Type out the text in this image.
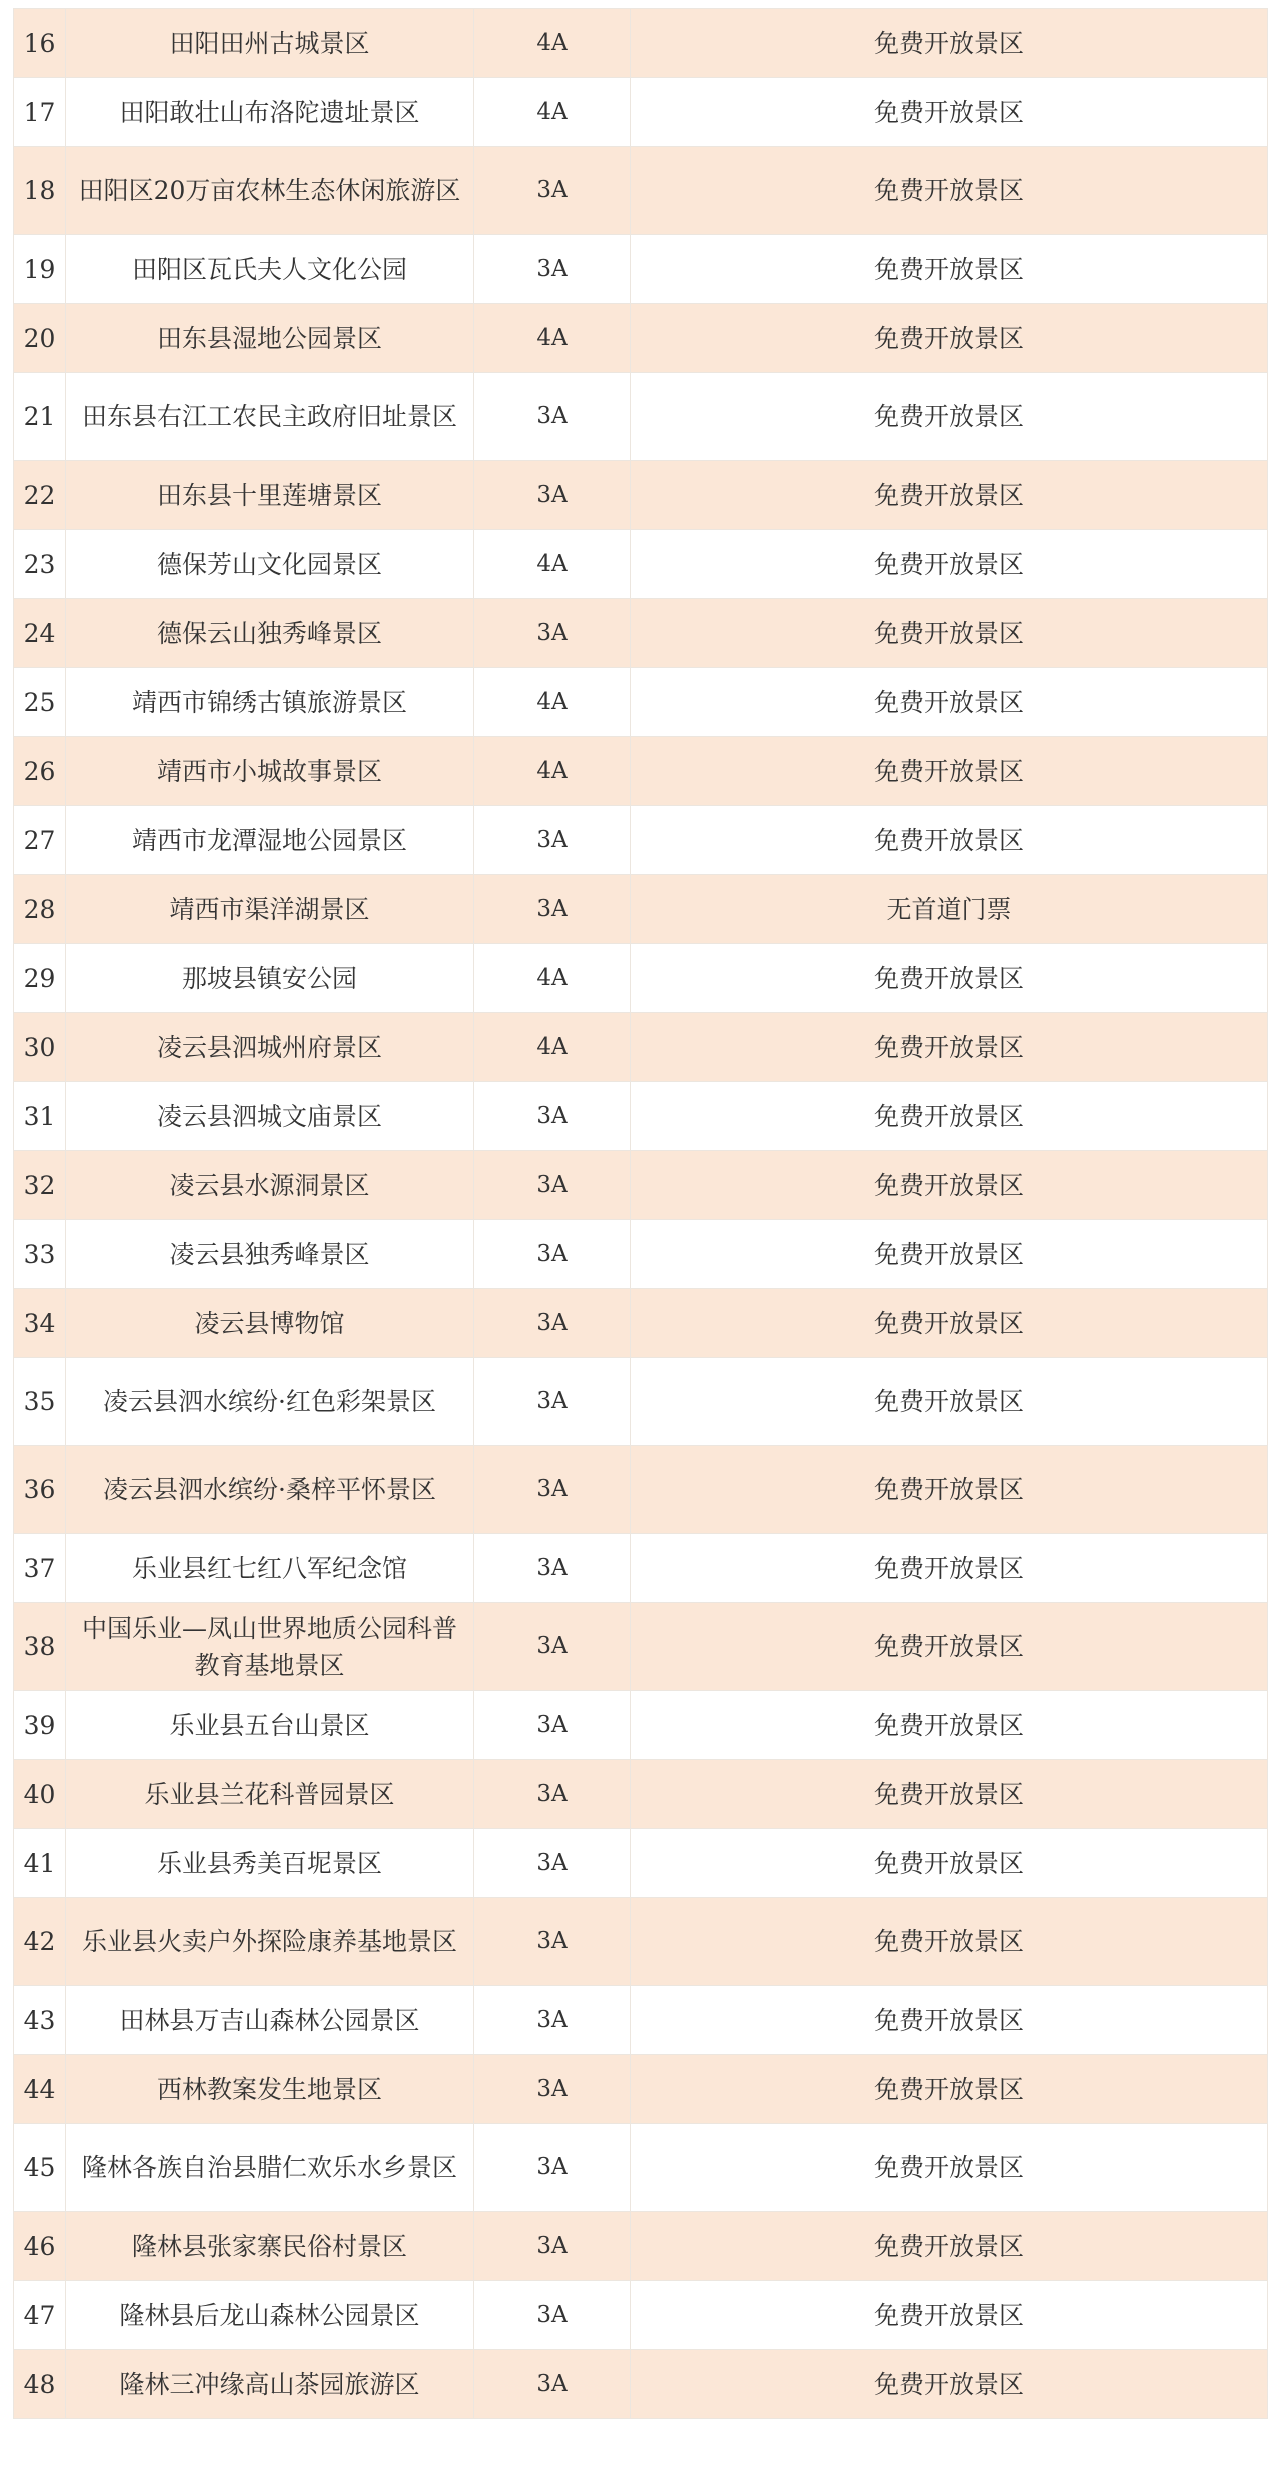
16	田阳田州古城景区	4A	免费开放景区
17	田阳敢壮山布洛陀遗址景区	4A	免费开放景区
18	田阳区20万亩农林生态休闲旅游区	3A	免费开放景区
19	田阳区瓦氏夫人文化公园	3A	免费开放景区
20	田东县湿地公园景区	4A	免费开放景区
21	田东县右江工农民主政府旧址景区	3A	免费开放景区
22	田东县十里莲塘景区	3A	免费开放景区
23	德保芳山文化园景区	4A	免费开放景区
24	德保云山独秀峰景区	3A	免费开放景区
25	靖西市锦绣古镇旅游景区	4A	免费开放景区
26	靖西市小城故事景区	4A	免费开放景区
27	靖西市龙潭湿地公园景区	3A	免费开放景区
28	靖西市渠洋湖景区	3A	无首道门票
29	那坡县镇安公园	4A	免费开放景区
30	凌云县泗城州府景区	4A	免费开放景区
31	凌云县泗城文庙景区	3A	免费开放景区
32	凌云县水源洞景区	3A	免费开放景区
33	凌云县独秀峰景区	3A	免费开放景区
34	凌云县博物馆	3A	免费开放景区
35	凌云县泗水缤纷·红色彩架景区	3A	免费开放景区
36	凌云县泗水缤纷·桑梓平怀景区	3A	免费开放景区
37	乐业县红七红八军纪念馆	3A	免费开放景区
38	中国乐业—凤山世界地质公园科普教育基地景区	3A	免费开放景区
39	乐业县五台山景区	3A	免费开放景区
40	乐业县兰花科普园景区	3A	免费开放景区
41	乐业县秀美百坭景区	3A	免费开放景区
42	乐业县火卖户外探险康养基地景区	3A	免费开放景区
43	田林县万吉山森林公园景区	3A	免费开放景区
44	西林教案发生地景区	3A	免费开放景区
45	隆林各族自治县腊仁欢乐水乡景区	3A	免费开放景区
46	隆林县张家寨民俗村景区	3A	免费开放景区
47	隆林县后龙山森林公园景区	3A	免费开放景区
48	隆林三冲缘高山茶园旅游区	3A	免费开放景区
